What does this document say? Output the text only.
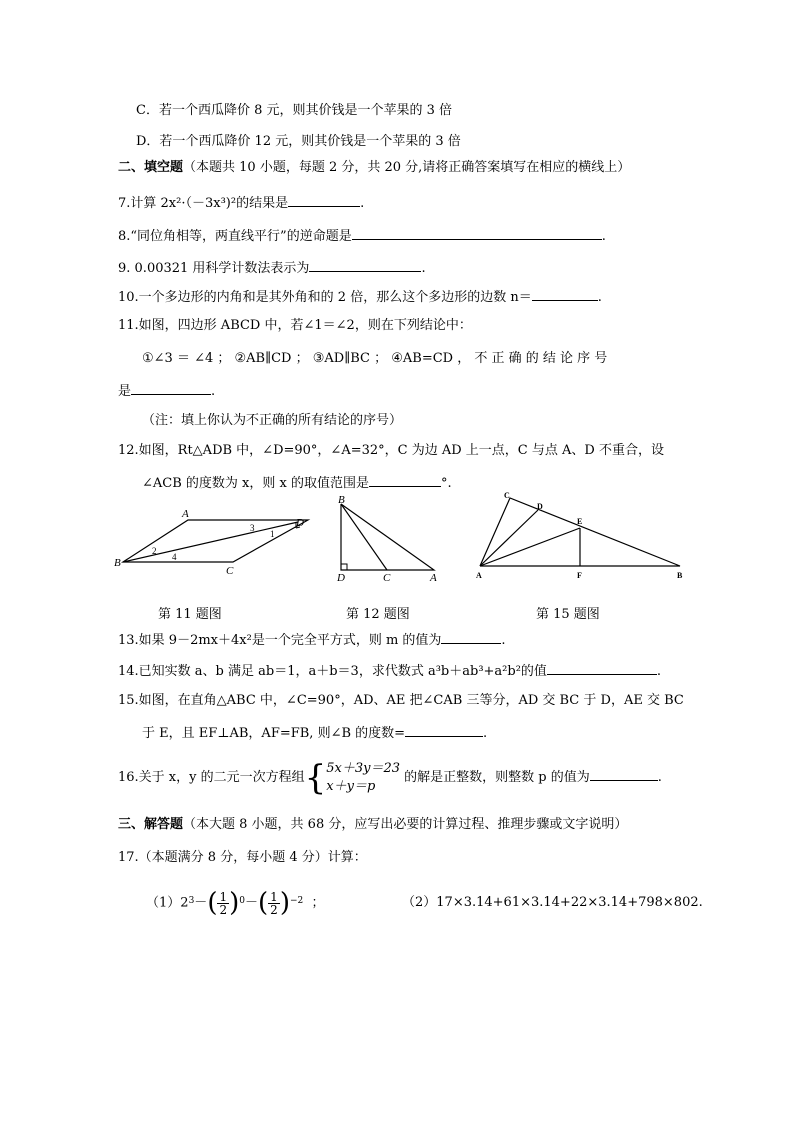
C．若一个西瓜降价 8 元，则其价钱是一个苹果的 3 倍
D．若一个西瓜降价 12 元，则其价钱是一个苹果的 3 倍
二、填空题（本题共 10 小题，每题 2 分，共 20 分,请将正确答案填写在相应的横线上）
7.计算 2x²·（－3x³)²的结果是	.
8.“同位角相等，两直线平行”的逆命题是	.
9. 0.00321 用科学计数法表示为	.
10.一个多边形的内角和是其外角和的 2 倍，那么这个多边形的边数 n＝	.
11.如图，四边形 ABCD 中，若∠1＝∠2，则在下列结论中：
①∠3 ＝ ∠4 ； ②AB∥CD ； ③AD∥BC ； ④AB=CD ， 不 正 确 的 结 论 序 号
是	.
（注：填上你认为不正确的所有结论的序号）
12.如图，Rt△ADB 中，∠D=90°，∠A=32°，C 为边 AD 上一点，C 与点 A、D 不重合，设
∠ACB 的度数为 x，则 x 的取值范围是	°.
A
B
C
D
1
2
3
4
第 11 题图
B
D	C	A
第 12 题图
C
D
E
A	F	B
第 15 题图
13.如果 9－2mx＋4x²是一个完全平方式，则 m 的值为	.
14.已知实数 a、b 满足 ab＝1，a＋b＝3，求代数式 a³b＋ab³+a²b²的值	.
15.如图，在直角△ABC 中，∠C=90°，AD、AE 把∠CAB 三等分，AD 交 BC 于 D，AE 交 BC
于 E，且 EF⊥AB，AF=FB, 则∠B 的度数=	.
16.关于 x，y 的二元一次方程组{ 5x＋3y＝23
x＋y＝p
的解是正整数，则整数 p 的值为	.
三、解答题（本大题 8 小题，共 68 分，应写出必要的计算过程、推理步骤或文字说明）
17.（本题满分 8 分，每小题 4 分）计算：
$(1)2^3-( \frac{1}{2} )^0-( \frac{1}{2} )^{-2}$ ；	（2）17×3.14+61×3.14+22×3.14+798×802.
